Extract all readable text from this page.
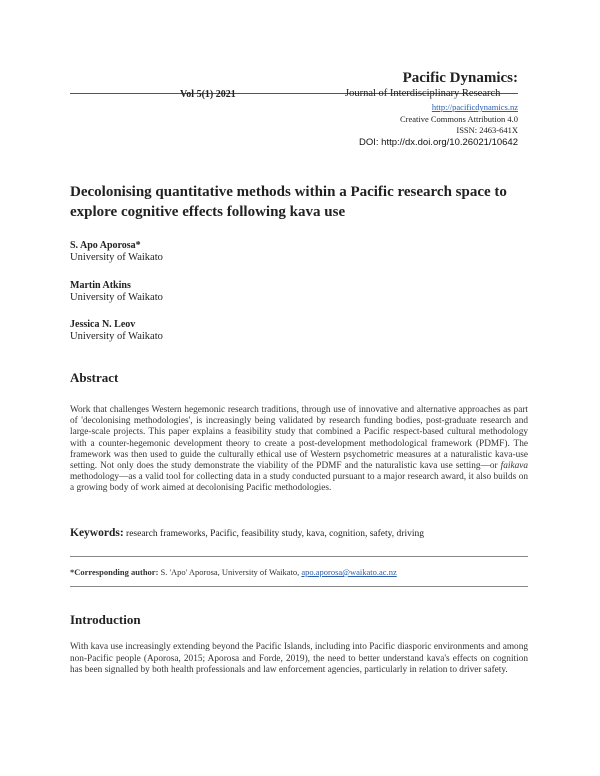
Pacific Dynamics:
Vol 5(1) 2021	Journal of Interdisciplinary Research
http://pacificdynamics.nz
Creative Commons Attribution 4.0
ISSN: 2463-641X
DOI: http://dx.doi.org/10.26021/10642
Decolonising quantitative methods within a Pacific research space to explore cognitive effects following kava use
S. Apo Aporosa*
University of Waikato
Martin Atkins
University of Waikato
Jessica N. Leov
University of Waikato
Abstract
Work that challenges Western hegemonic research traditions, through use of innovative and alternative approaches as part of 'decolonising methodologies', is increasingly being validated by research funding bodies, post-graduate research and large-scale projects. This paper explains a feasibility study that combined a Pacific respect-based cultural methodology with a counter-hegemonic development theory to create a post-development methodological framework (PDMF). The framework was then used to guide the culturally ethical use of Western psychometric measures at a naturalistic kava-use setting. Not only does the study demonstrate the viability of the PDMF and the naturalistic kava use setting—or faikava methodology—as a valid tool for collecting data in a study conducted pursuant to a major research award, it also builds on a growing body of work aimed at decolonising Pacific methodologies.
Keywords: research frameworks, Pacific, feasibility study, kava, cognition, safety, driving
*Corresponding author: S. 'Apo' Aporosa, University of Waikato, apo.aporosa@waikato.ac.nz
Introduction
With kava use increasingly extending beyond the Pacific Islands, including into Pacific diasporic environments and among non-Pacific people (Aporosa, 2015; Aporosa and Forde, 2019), the need to better understand kava's effects on cognition has been signalled by both health professionals and law enforcement agencies, particularly in relation to driver safety.
